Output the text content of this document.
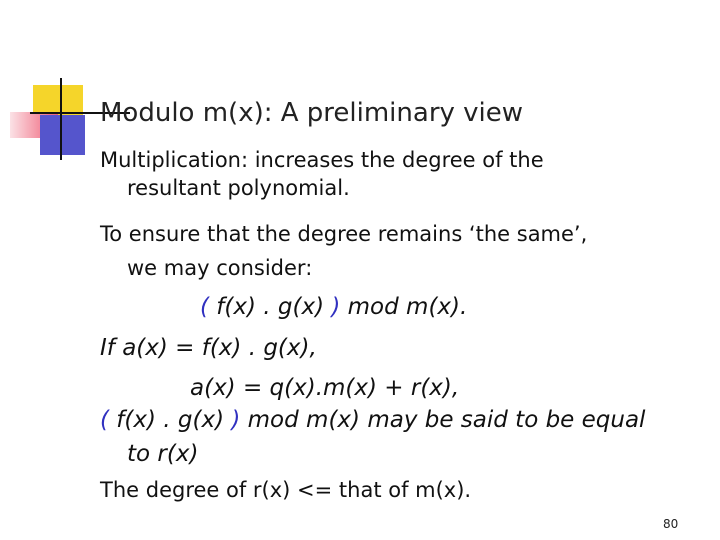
Modulo m(x): A preliminary view
Multiplication: increases the degree of the
resultant polynomial.
To ensure that the degree remains ‘the same’,
we may consider:
( f(x) . g(x) ) mod m(x).
If a(x) = f(x) . g(x),
a(x) = q(x).m(x) + r(x),
( f(x) . g(x) ) mod m(x) may be said to be equal
to r(x)
The degree of r(x) <= that of m(x).
80
